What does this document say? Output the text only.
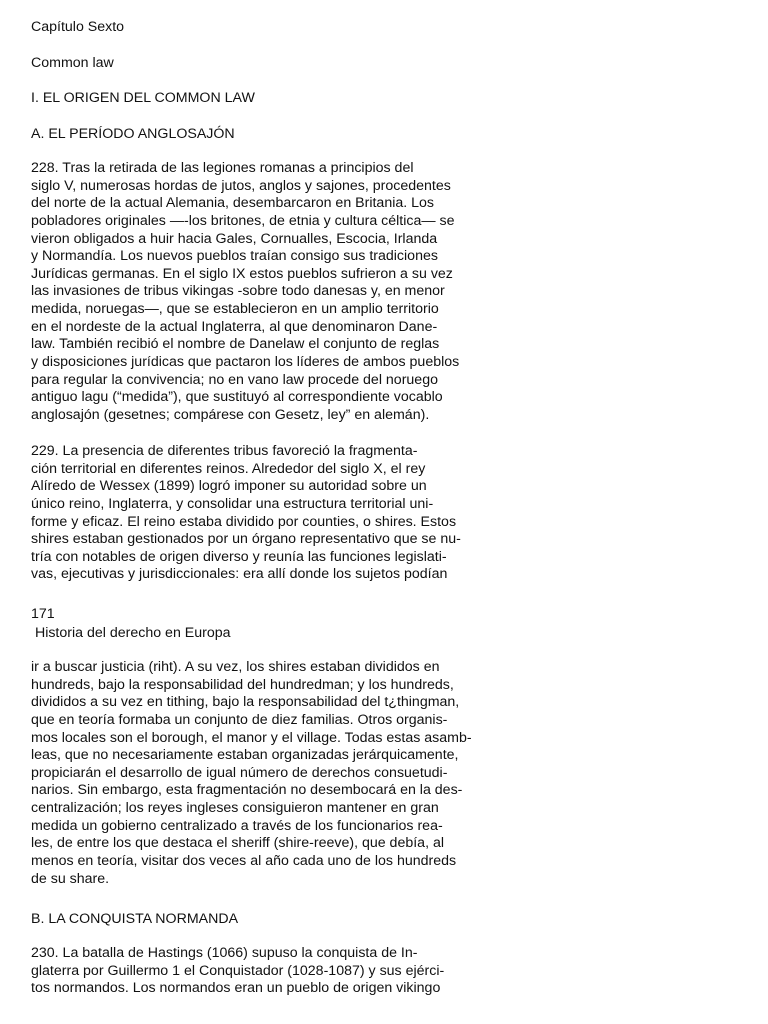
Capítulo Sexto
Common law
I. EL ORIGEN DEL COMMON LAW
A. EL PERÍODO ANGLOSAJÓN
228. Tras la retirada de las legiones romanas a principios del
siglo V, numerosas hordas de jutos, anglos y sajones, procedentes
del norte de la actual Alemania, desembarcaron en Britania. Los
pobladores originales —-los britones, de etnia y cultura céltica— se
vieron obligados a huir hacia Gales, Cornualles, Escocia, Irlanda
y Normandía. Los nuevos pueblos traían consigo sus tradiciones
Jurídicas germanas. En el siglo IX estos pueblos sufrieron a su vez
las invasiones de tribus vikingas -sobre todo danesas y, en menor
medida, noruegas—, que se establecieron en un amplio territorio
en el nordeste de la actual Inglaterra, al que denominaron Dane-
law. También recibió el nombre de Danelaw el conjunto de reglas
y disposiciones jurídicas que pactaron los líderes de ambos pueblos
para regular la convivencia; no en vano law procede del noruego
antiguo lagu (“medida”), que sustituyó al correspondiente vocablo
anglosajón (gesetnes; compárese con Gesetz, ley” en alemán).
229. La presencia de diferentes tribus favoreció la fragmenta-
ción territorial en diferentes reinos. Alrededor del siglo X, el rey
Alíredo de Wessex (1899) logró imponer su autoridad sobre un
único reino, Inglaterra, y consolidar una estructura territorial uni-
forme y eficaz. El reino estaba dividido por counties, o shires. Estos
shires estaban gestionados por un órgano representativo que se nu-
tría con notables de origen diverso y reunía las funciones legislati-
vas, ejecutivas y jurisdiccionales: era allí donde los sujetos podían
171
Historia del derecho en Europa
ir a buscar justicia (riht). A su vez, los shires estaban divididos en
hundreds, bajo la responsabilidad del hundredman; y los hundreds,
divididos a su vez en tithing, bajo la responsabilidad del t¿thingman,
que en teoría formaba un conjunto de diez familias. Otros organis-
mos locales son el borough, el manor y el village. Todas estas asamb-
leas, que no necesariamente estaban organizadas jerárquicamente,
propiciarán el desarrollo de igual número de derechos consuetudi-
narios. Sin embargo, esta fragmentación no desembocará en la des-
centralización; los reyes ingleses consiguieron mantener en gran
medida un gobierno centralizado a través de los funcionarios rea-
les, de entre los que destaca el sheriff (shire-reeve), que debía, al
menos en teoría, visitar dos veces al año cada uno de los hundreds
de su share.
B. LA CONQUISTA NORMANDA
230. La batalla de Hastings (1066) supuso la conquista de In-
glaterra por Guillermo 1 el Conquistador (1028-1087) y sus ejérci-
tos normandos. Los normandos eran un pueblo de origen vikingo
